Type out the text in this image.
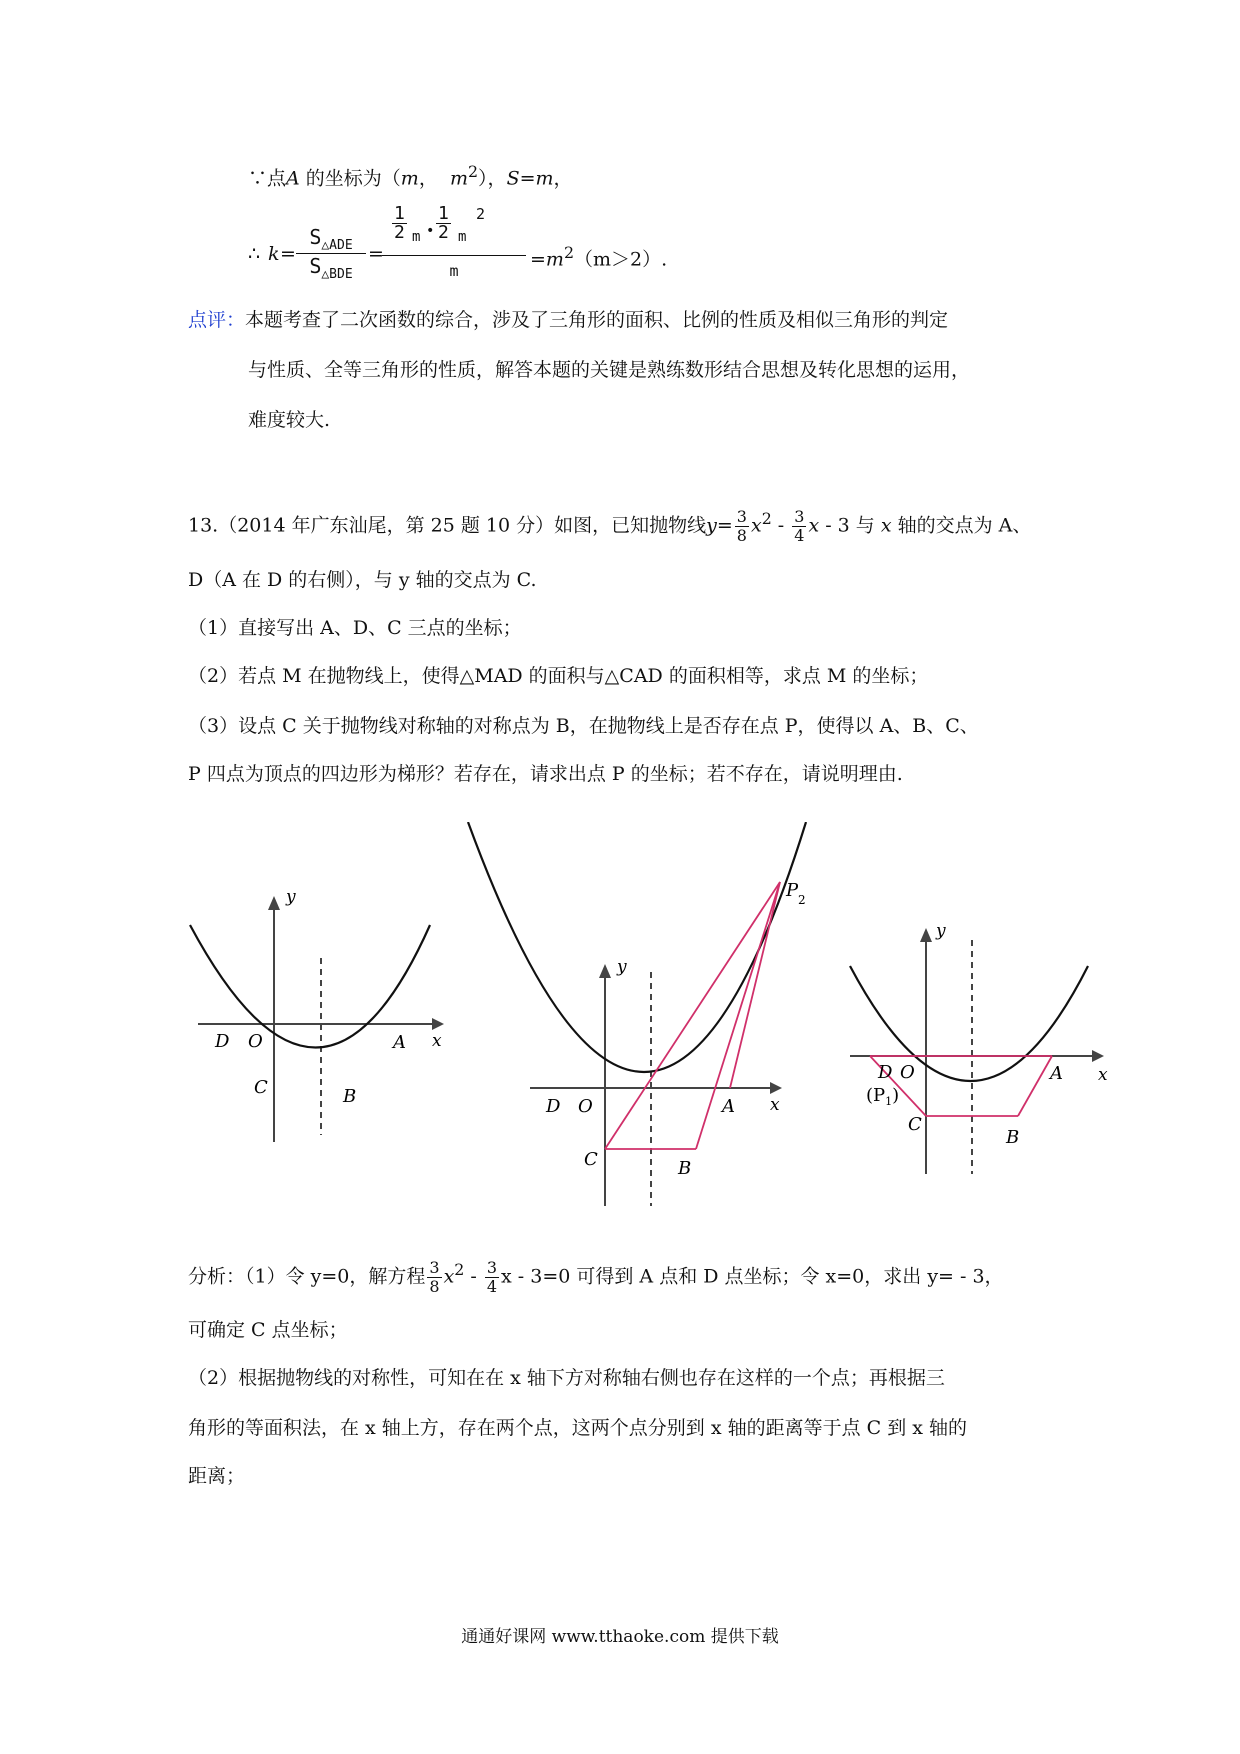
∵点A 的坐标为（m， $m^2$），S=m，
∴ k =
$S_{\triangle ADE}$
$S_{\triangle BDE}$
=
$\frac{1}{2}$ m • $\frac{1}{2}$ m
2
m
$=m^2(m>2)$.
点评：本题考查了二次函数的综合，涉及了三角形的面积、比例的性质及相似三角形的判定
与性质、全等三角形的性质，解答本题的关键是熟练数形结合思想及转化思想的运用，
难度较大.
13.（2014 年广东汕尾，第 25 题 10 分）如图，已知抛物线$y= \frac{3}{8} x^2 - \frac{3}{4}$ x - 3 与 x 轴的交点为 A、
D（A 在 D 的右侧），与 y 轴的交点为 C.
（1）直接写出 A、D、C 三点的坐标；
（2）若点 M 在抛物线上，使得△MAD 的面积与△CAD 的面积相等，求点 M 的坐标；
（3）设点 C 关于抛物线对称轴的对称点为 B，在抛物线上是否存在点 P，使得以 A、B、C、
P 四点为顶点的四边形为梯形？若存在，请求出点 P 的坐标；若不存在，请说明理由.
D O	A
C	B
x
y
D O	A
C	B
x
y
P 2
D O
$(P_1)$
A
C
B
x
y
分析：（1）令 y=0，解方程 $\frac{3}{8} x^2 - \frac{3}{4}$ x - 3=0 可得到 A 点和 D 点坐标；令 x=0，求出 y= - 3，
可确定 C 点坐标；
（2）根据抛物线的对称性，可知在在 x 轴下方对称轴右侧也存在这样的一个点；再根据三
角形的等面积法，在 x 轴上方，存在两个点，这两个点分别到 x 轴的距离等于点 C 到 x 轴的
距离；
通通好课网 www.tthaoke.com 提供下载
